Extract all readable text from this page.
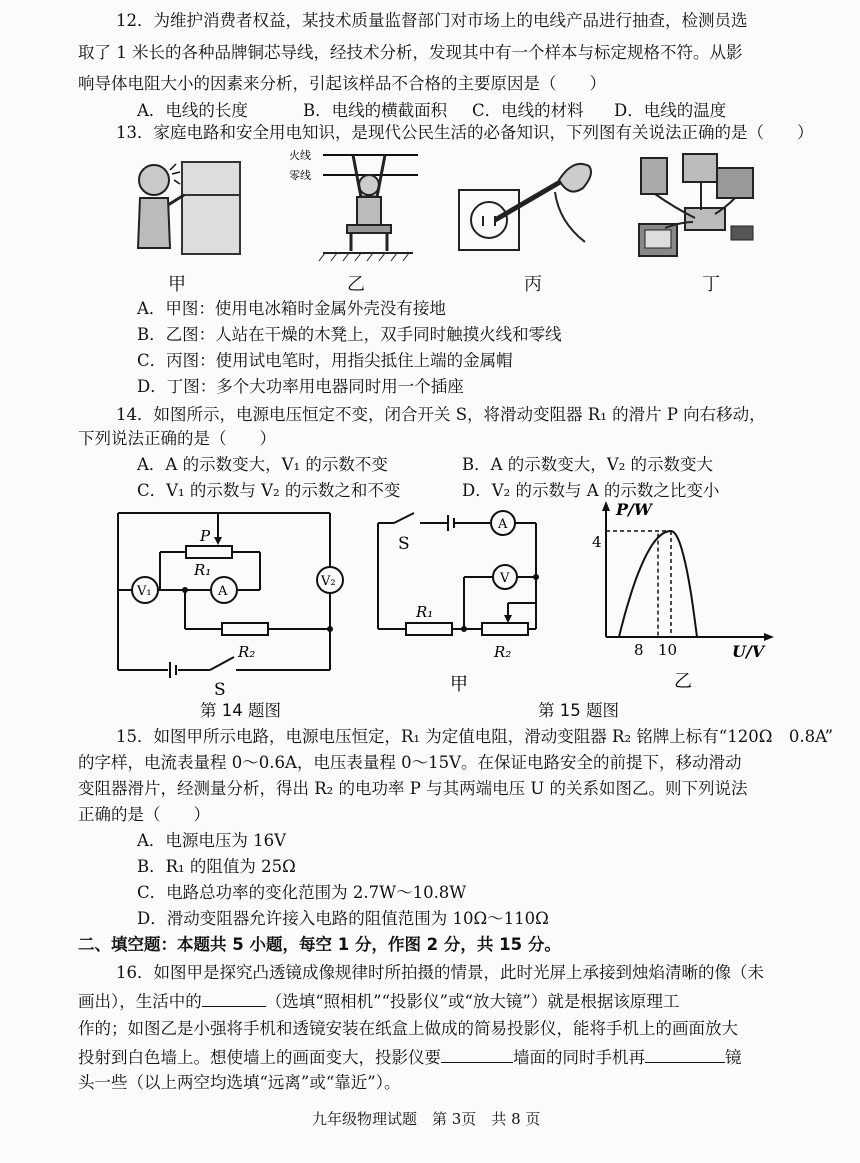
12．为维护消费者权益，某技术质量监督部门对市场上的电线产品进行抽查，检测员选
取了 1 米长的各种品牌铜芯导线，经技术分析，发现其中有一个样本与标定规格不符。从影
响导体电阻大小的因素来分析，引起该样品不合格的主要原因是（　　）
A．电线的长度	B．电线的横截面积 C．电线的材料 D．电线的温度
13．家庭电路和安全用电知识，是现代公民生活的必备知识，下列图有关说法正确的是（　　）
火线
零线
甲	乙	丙	丁
A．甲图：使用电冰箱时金属外壳没有接地
B．乙图：人站在干燥的木凳上，双手同时触摸火线和零线
C．丙图：使用试电笔时，用指尖抵住上端的金属帽
D．丁图：多个大功率用电器同时用一个插座
14．如图所示，电源电压恒定不变，闭合开关 S，将滑动变阻器 R₁ 的滑片 P 向右移动，
下列说法正确的是（　　）
A．A 的示数变大，V₁ 的示数不变	B．A 的示数变大，V₂ 的示数变大
C．V₁ 的示数与 V₂ 的示数之和不变	D．V₂ 的示数与 A 的示数之比变小
P
R₁
R₂
A
V₁
V₂
S
S
A
V
R₁
R₂
甲
P/W
U/V
4
8 10
乙
第 14 题图	第 15 题图
15．如图甲所示电路，电源电压恒定，R₁ 为定值电阻，滑动变阻器 R₂ 铭牌上标有“120Ω　0.8A”
的字样，电流表量程 0～0.6A，电压表量程 0～15V。在保证电路安全的前提下，移动滑动
变阻器滑片，经测量分析，得出 R₂ 的电功率 P 与其两端电压 U 的关系如图乙。则下列说法
正确的是（　　）
A．电源电压为 16V
B．R₁ 的阻值为 25Ω
C．电路总功率的变化范围为 2.7W～10.8W
D．滑动变阻器允许接入电路的阻值范围为 10Ω～110Ω
二、填空题：本题共 5 小题，每空 1 分，作图 2 分，共 15 分。
16．如图甲是探究凸透镜成像规律时所拍摄的情景，此时光屏上承接到烛焰清晰的像（未
画出），生活中的	（选填“照相机”“投影仪”或“放大镜”）就是根据该原理工
作的；如图乙是小强将手机和透镜安装在纸盒上做成的简易投影仪，能将手机上的画面放大
投射到白色墙上。想使墙上的画面变大，投影仪要	墙面的同时手机再	镜
头一些（以上两空均选填“远离”或“靠近”）。
九年级物理试题　第 3页　共 8 页
